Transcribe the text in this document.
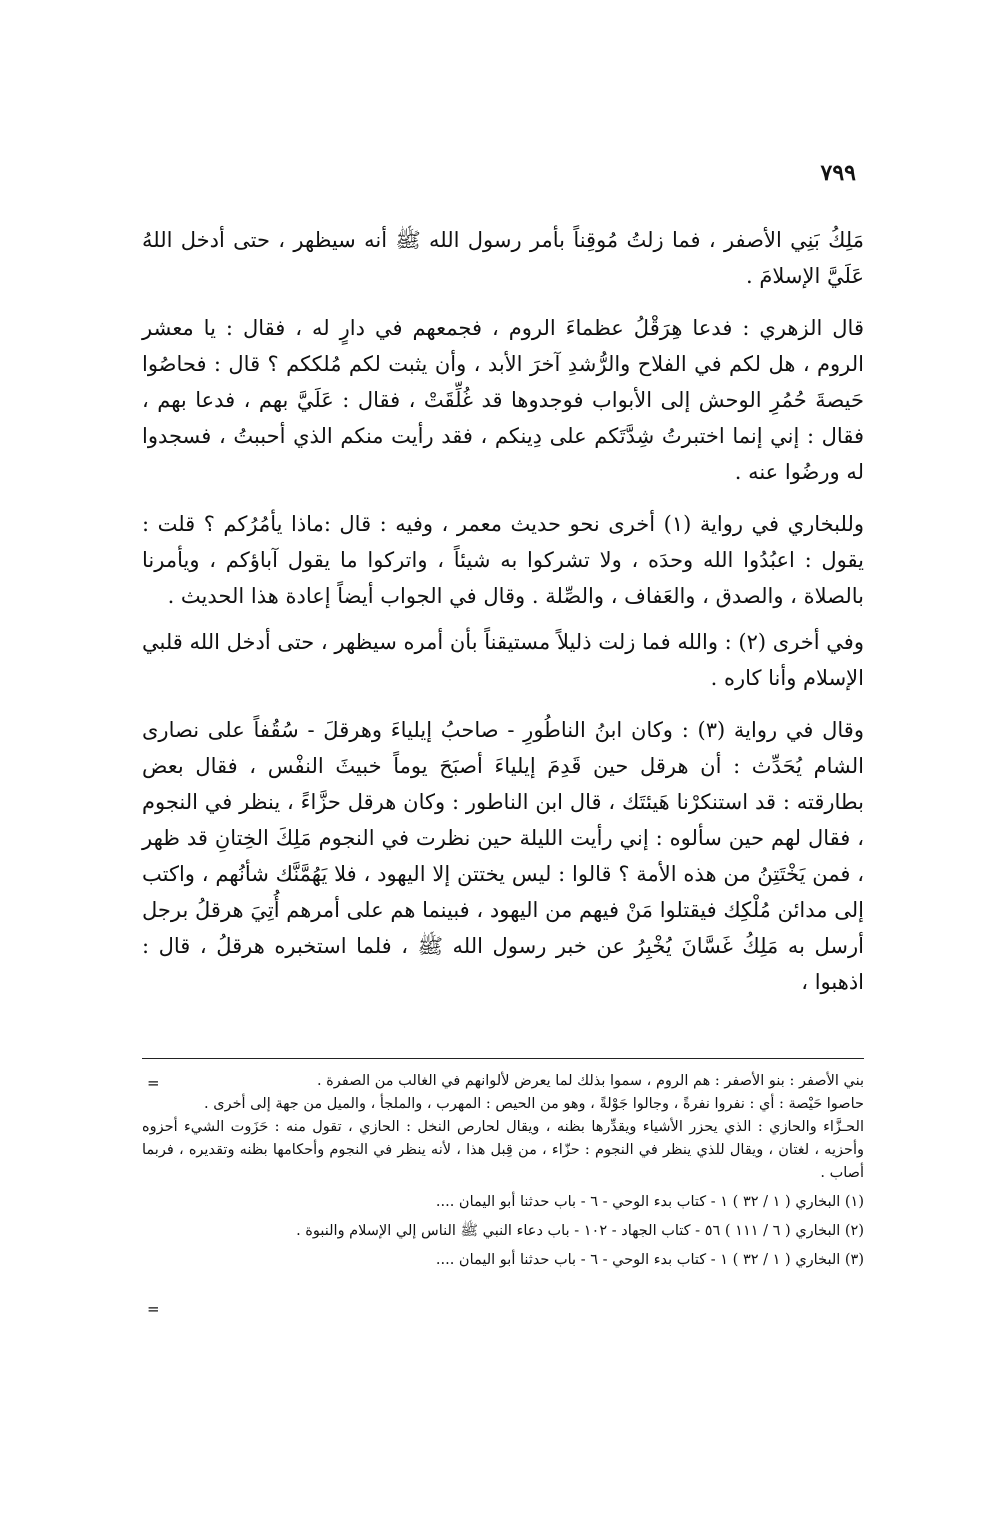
٧٩٩

مَلِكُ بَنِي الأصفر ، فما زلتُ مُوقِناً بأمر رسول الله ﷺ أنه سيظهر ، حتى أدخل اللهُ عَلَيَّ الإسلامَ .

قال الزهري : فدعا هِرَقْلُ عظماءَ الروم ، فجمعهم في دارٍ له ، فقال : يا معشر الروم ، هل لكم في الفلاح والرُّشدِ آخرَ الأبد ، وأن يثبت لكم مُلككم ؟ قال : فحاصُوا حَيصةَ حُمُرِ الوحش إلى الأبواب فوجدوها قد غُلِّقَتْ ، فقال : عَلَيَّ بهم ، فدعا بهم ، فقال : إني إنما اختبرتُ شِدَّتَكم على دِينكم ، فقد رأيت منكم الذي أحببتُ ، فسجدوا له ورضُوا عنه .

وللبخاري في رواية (١) أخرى نحو حديث معمر ، وفيه : قال :ماذا يأمُرُكم ؟ قلت : يقول : اعبُدُوا الله وحدَه ، ولا تشركوا به شيئاً ، واتركوا ما يقول آباؤكم ، ويأمرنا بالصلاة ، والصدق ، والعَفاف ، والصِّلة . وقال في الجواب أيضاً إعادة هذا الحديث .

وفي أخرى (٢) : والله فما زلت ذليلاً مستيقناً بأن أمره سيظهر ، حتى أدخل الله قلبي الإسلام وأنا كاره .

وقال في رواية (٣) : وكان ابنُ الناطُورِ - صاحبُ إيلياءَ وهرقلَ - سُقُفاً على نصارى الشام يُحَدِّث : أن هرقل حين قَدِمَ إيلياءَ أصبَحَ يوماً خبيثَ النفْس ، فقال بعض بطارقته : قد استنكرْنا هَيئتَك ، قال ابن الناطور : وكان هرقل حزَّاءً ، ينظر في النجوم ، فقال لهم حين سألوه : إني رأيت الليلة حين نظرت في النجوم مَلِكَ الخِتانِ قد ظهر ، فمن يَخْتَتِنُ من هذه الأمة ؟ قالوا : ليس يختتن إلا اليهود ، فلا يَهُمَّنَّك شأنُهم ، واكتب إلى مدائن مُلْكِك فيقتلوا مَنْ فيهم من اليهود ، فبينما هم على أمرهم أُتِيَ هرقلُ برجل أرسل به مَلِكُ غَسَّانَ يُخْبِرُ عن خبر رسول الله ﷺ ، فلما استخبره هرقلُ ، قال : اذهبوا ،

=
=

بني الأصفر : بنو الأصفر : هم الروم ، سموا بذلك لما يعرض لألوانهم في الغالب من الصفرة .

حاصوا حَيْصة : أي : نفروا نفرةً ، وجالوا جَوْلةً ، وهو من الحيص : المهرب ، والملجأ ، والميل من جهة إلى أخرى .

الحـزَّاء والحازي : الذي يحزر الأشياء ويقدِّرها بظنه ، ويقال لحارص النخل : الحازي ، تقول منه : حَزَوت الشيء أحزوه وأحزيه ، لغتان ، ويقال للذي ينظر في النجوم : حزّاء ، من قِبل هذا ، لأنه ينظر في النجوم وأحكامها بظنه وتقديره ، فربما أصاب .

(١) البخاري ( ١ / ٣٢ ) ١ - كتاب بدء الوحي - ٦ - باب حدثنا أبو اليمان ....

(٢) البخاري ( ٦ / ١١١ ) ٥٦ - كتاب الجهاد - ١٠٢ - باب دعاء النبي ﷺ الناس إلي الإسلام والنبوة .

(٣) البخاري ( ١ / ٣٢ ) ١ - كتاب بدء الوحي - ٦ - باب حدثنا أبو اليمان ....
